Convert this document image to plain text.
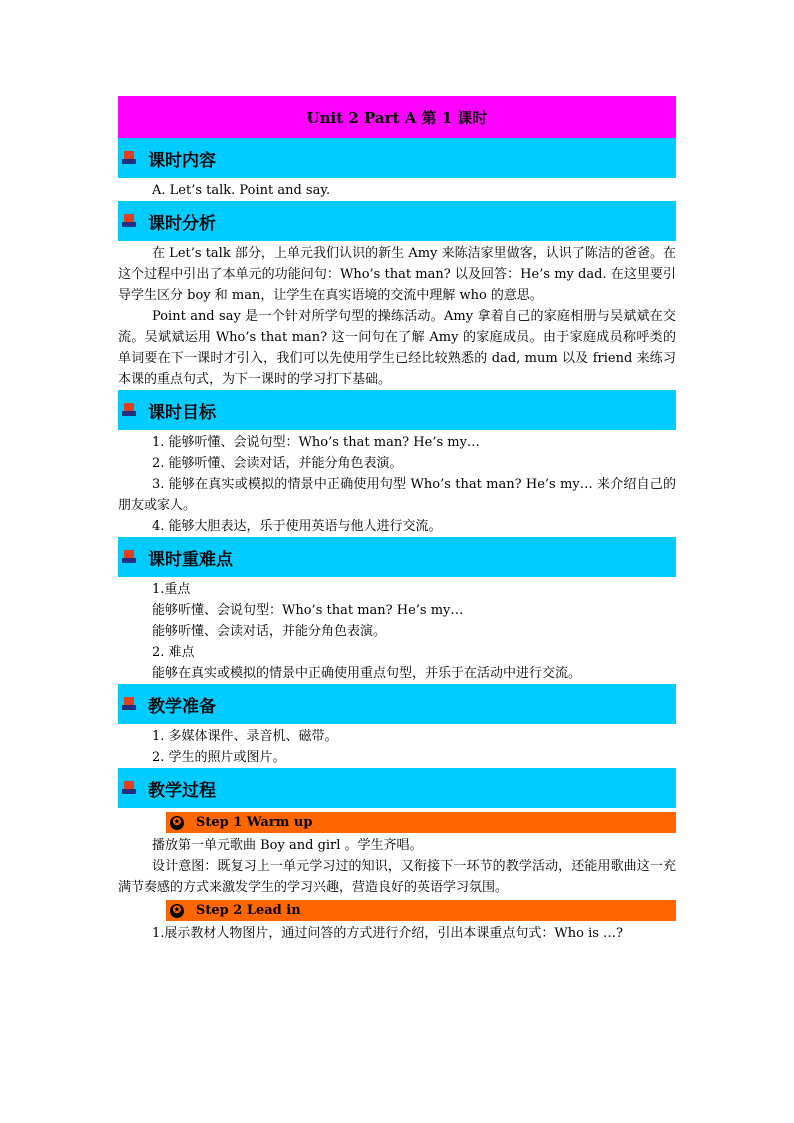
Unit 2 Part A 第 1 课时
课时内容

A. Let’s talk. Point and say.

课时分析

在 Let’s talk 部分，上单元我们认识的新生 Amy 来陈洁家里做客，认识了陈洁的爸爸。在这个过程中引出了本单元的功能问句：Who’s that man? 以及回答：He’s my dad. 在这里要引导学生区分 boy 和 man，让学生在真实语境的交流中理解 who 的意思。

Point and say 是一个针对所学句型的操练活动。Amy 拿着自己的家庭相册与吴斌斌在交流。吴斌斌运用 Who’s that man? 这一问句在了解 Amy 的家庭成员。由于家庭成员称呼类的单词要在下一课时才引入，我们可以先使用学生已经比较熟悉的 dad, mum 以及 friend 来练习本课的重点句式，为下一课时的学习打下基础。

课时目标

1. 能够听懂、会说句型：Who’s that man? He’s my…

2. 能够听懂、会读对话，并能分角色表演。

3. 能够在真实或模拟的情景中正确使用句型 Who’s that man? He’s my… 来介绍自己的朋友或家人。

4. 能够大胆表达，乐于使用英语与他人进行交流。

课时重难点

1.重点

能够听懂、会说句型：Who’s that man? He’s my…

能够听懂、会读对话，并能分角色表演。

2. 难点

能够在真实或模拟的情景中正确使用重点句型，并乐于在活动中进行交流。

教学准备

1. 多媒体课件、录音机、磁带。

2. 学生的照片或图片。

教学过程
✪ Step 1 Warm up

播放第一单元歌曲 Boy and girl 。学生齐唱。

设计意图：既复习上一单元学习过的知识，又衔接下一环节的教学活动，还能用歌曲这一充满节奏感的方式来激发学生的学习兴趣，营造良好的英语学习氛围。

✪ Step 2 Lead in

1.展示教材人物图片，通过问答的方式进行介绍，引出本课重点句式：Who is …?
